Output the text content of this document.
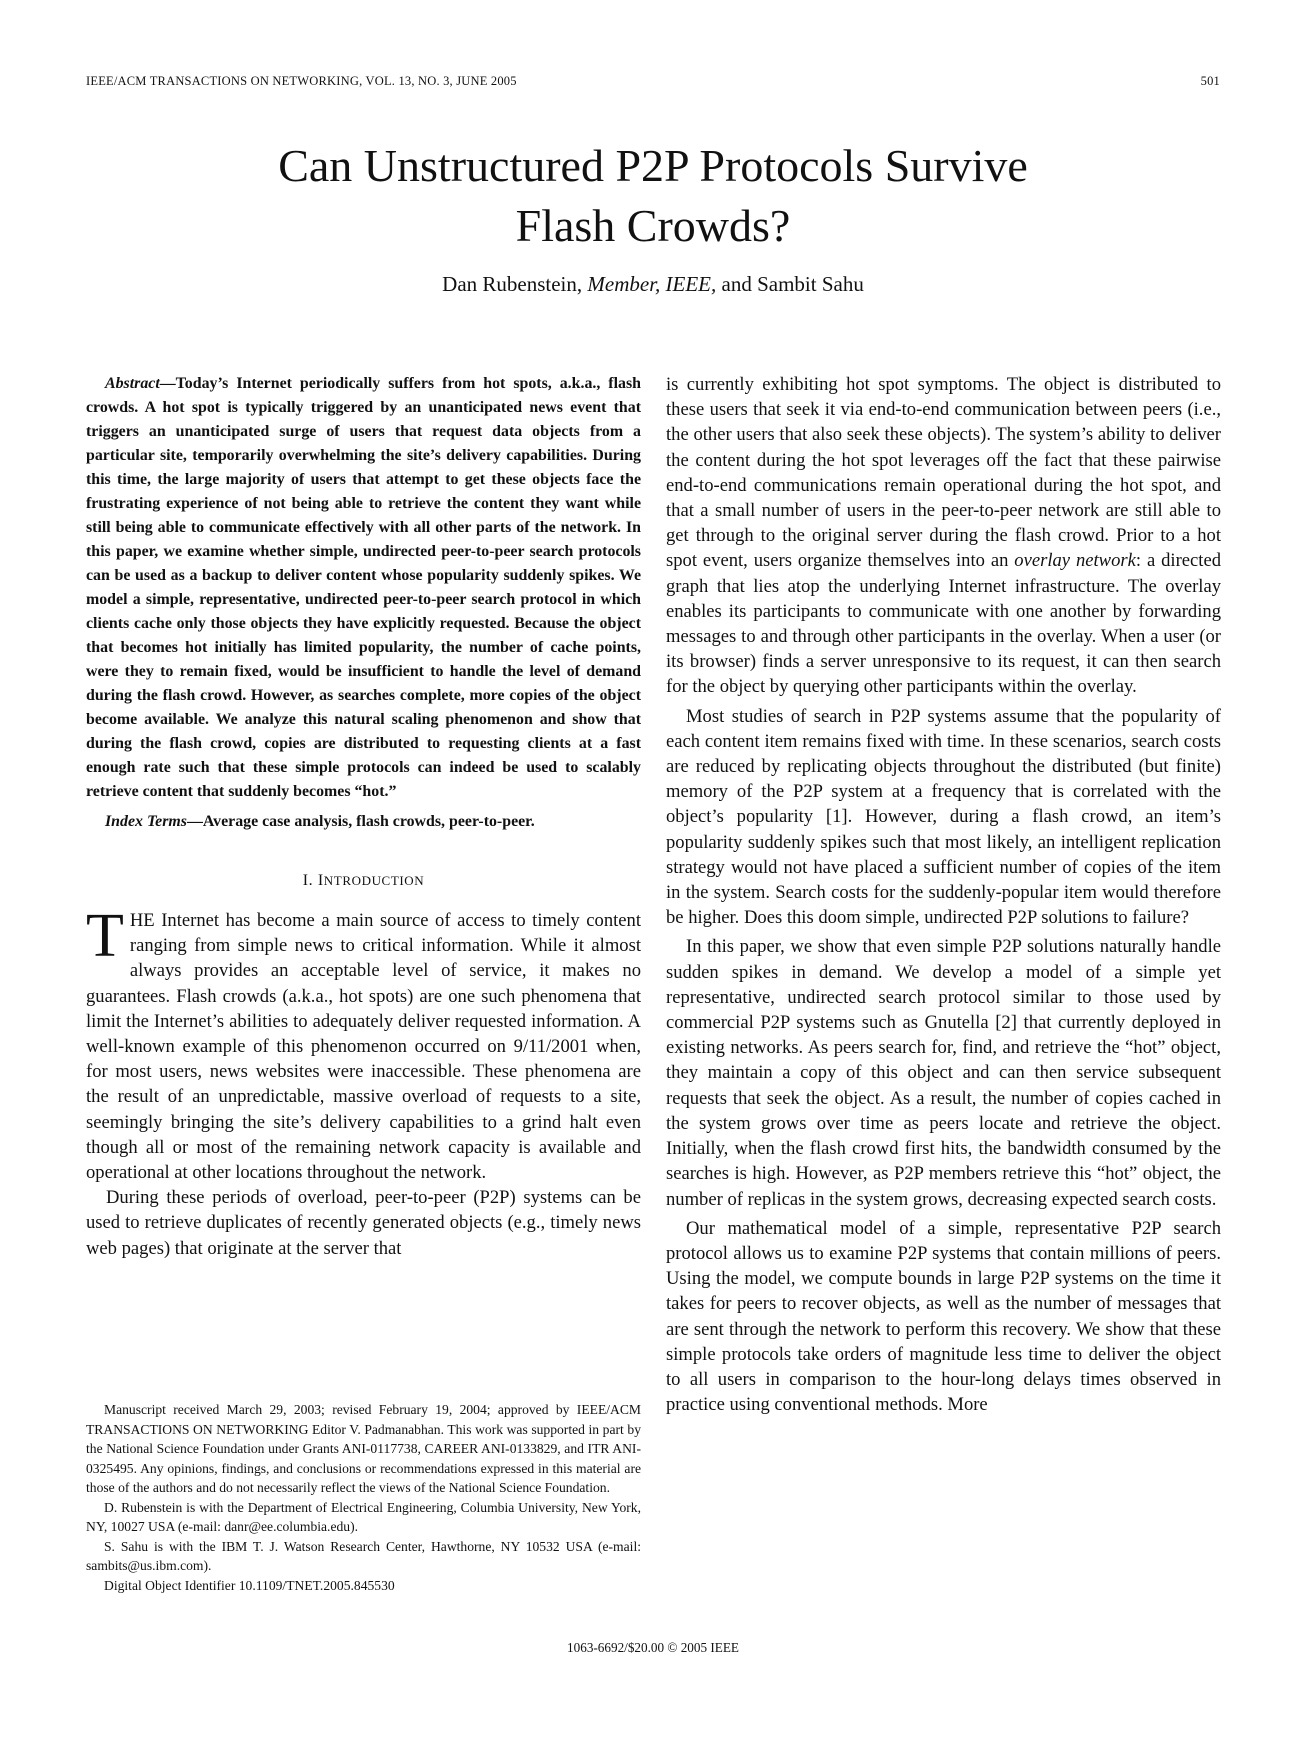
IEEE/ACM TRANSACTIONS ON NETWORKING, VOL. 13, NO. 3, JUNE 2005	501
Can Unstructured P2P Protocols Survive
Flash Crowds?
Dan Rubenstein, Member, IEEE, and Sambit Sahu

Abstract—Today’s Internet periodically suffers from hot spots, a.k.a., flash crowds. A hot spot is typically triggered by an unanticipated news event that triggers an unanticipated surge of users that request data objects from a particular site, temporarily overwhelming the site’s delivery capabilities. During this time, the large majority of users that attempt to get these objects face the frustrating experience of not being able to retrieve the content they want while still being able to communicate effectively with all other parts of the network. In this paper, we examine whether simple, undirected peer-to-peer search protocols can be used as a backup to deliver content whose popularity suddenly spikes. We model a simple, representative, undirected peer-to-peer search protocol in which clients cache only those objects they have explicitly requested. Because the object that becomes hot initially has limited popularity, the number of cache points, were they to remain fixed, would be insufficient to handle the level of demand during the flash crowd. However, as searches complete, more copies of the object become available. We analyze this natural scaling phenomenon and show that during the flash crowd, copies are distributed to requesting clients at a fast enough rate such that these simple protocols can indeed be used to scalably retrieve content that suddenly becomes “hot.”

Index Terms—Average case analysis, flash crowds, peer-to-peer.

I. INTRODUCTION

THE Internet has become a main source of access to timely content ranging from simple news to critical information. While it almost always provides an acceptable level of service, it makes no guarantees. Flash crowds (a.k.a., hot spots) are one such phenomena that limit the Internet’s abilities to adequately deliver requested information. A well-known example of this phenomenon occurred on 9/11/2001 when, for most users, news websites were inaccessible. These phenomena are the result of an unpredictable, massive overload of requests to a site, seemingly bringing the site’s delivery capabilities to a grind halt even though all or most of the remaining network capacity is available and operational at other locations throughout the network.

During these periods of overload, peer-to-peer (P2P) systems can be used to retrieve duplicates of recently generated objects (e.g., timely news web pages) that originate at the server that

Manuscript received March 29, 2003; revised February 19, 2004; approved by IEEE/ACM TRANSACTIONS ON NETWORKING Editor V. Padmanabhan. This work was supported in part by the National Science Foundation under Grants ANI-0117738, CAREER ANI-0133829, and ITR ANI-0325495. Any opinions, findings, and conclusions or recommendations expressed in this material are those of the authors and do not necessarily reflect the views of the National Science Foundation.

D. Rubenstein is with the Department of Electrical Engineering, Columbia University, New York, NY, 10027 USA (e-mail: danr@ee.columbia.edu).

S. Sahu is with the IBM T. J. Watson Research Center, Hawthorne, NY 10532 USA (e-mail: sambits@us.ibm.com).

Digital Object Identifier 10.1109/TNET.2005.845530

is currently exhibiting hot spot symptoms. The object is distributed to these users that seek it via end-to-end communication between peers (i.e., the other users that also seek these objects). The system’s ability to deliver the content during the hot spot leverages off the fact that these pairwise end-to-end communications remain operational during the hot spot, and that a small number of users in the peer-to-peer network are still able to get through to the original server during the flash crowd. Prior to a hot spot event, users organize themselves into an overlay network: a directed graph that lies atop the underlying Internet infrastructure. The overlay enables its participants to communicate with one another by forwarding messages to and through other participants in the overlay. When a user (or its browser) finds a server unresponsive to its request, it can then search for the object by querying other participants within the overlay.

Most studies of search in P2P systems assume that the popularity of each content item remains fixed with time. In these scenarios, search costs are reduced by replicating objects throughout the distributed (but finite) memory of the P2P system at a frequency that is correlated with the object’s popularity [1]. However, during a flash crowd, an item’s popularity suddenly spikes such that most likely, an intelligent replication strategy would not have placed a sufficient number of copies of the item in the system. Search costs for the suddenly-popular item would therefore be higher. Does this doom simple, undirected P2P solutions to failure?

In this paper, we show that even simple P2P solutions naturally handle sudden spikes in demand. We develop a model of a simple yet representative, undirected search protocol similar to those used by commercial P2P systems such as Gnutella [2] that currently deployed in existing networks. As peers search for, find, and retrieve the “hot” object, they maintain a copy of this object and can then service subsequent requests that seek the object. As a result, the number of copies cached in the system grows over time as peers locate and retrieve the object. Initially, when the flash crowd first hits, the bandwidth consumed by the searches is high. However, as P2P members retrieve this “hot” object, the number of replicas in the system grows, decreasing expected search costs.

Our mathematical model of a simple, representative P2P search protocol allows us to examine P2P systems that contain millions of peers. Using the model, we compute bounds in large P2P systems on the time it takes for peers to recover objects, as well as the number of messages that are sent through the network to perform this recovery. We show that these simple protocols take orders of magnitude less time to deliver the object to all users in comparison to the hour-long delays times observed in practice using conventional methods. More

1063-6692/$20.00 © 2005 IEEE
